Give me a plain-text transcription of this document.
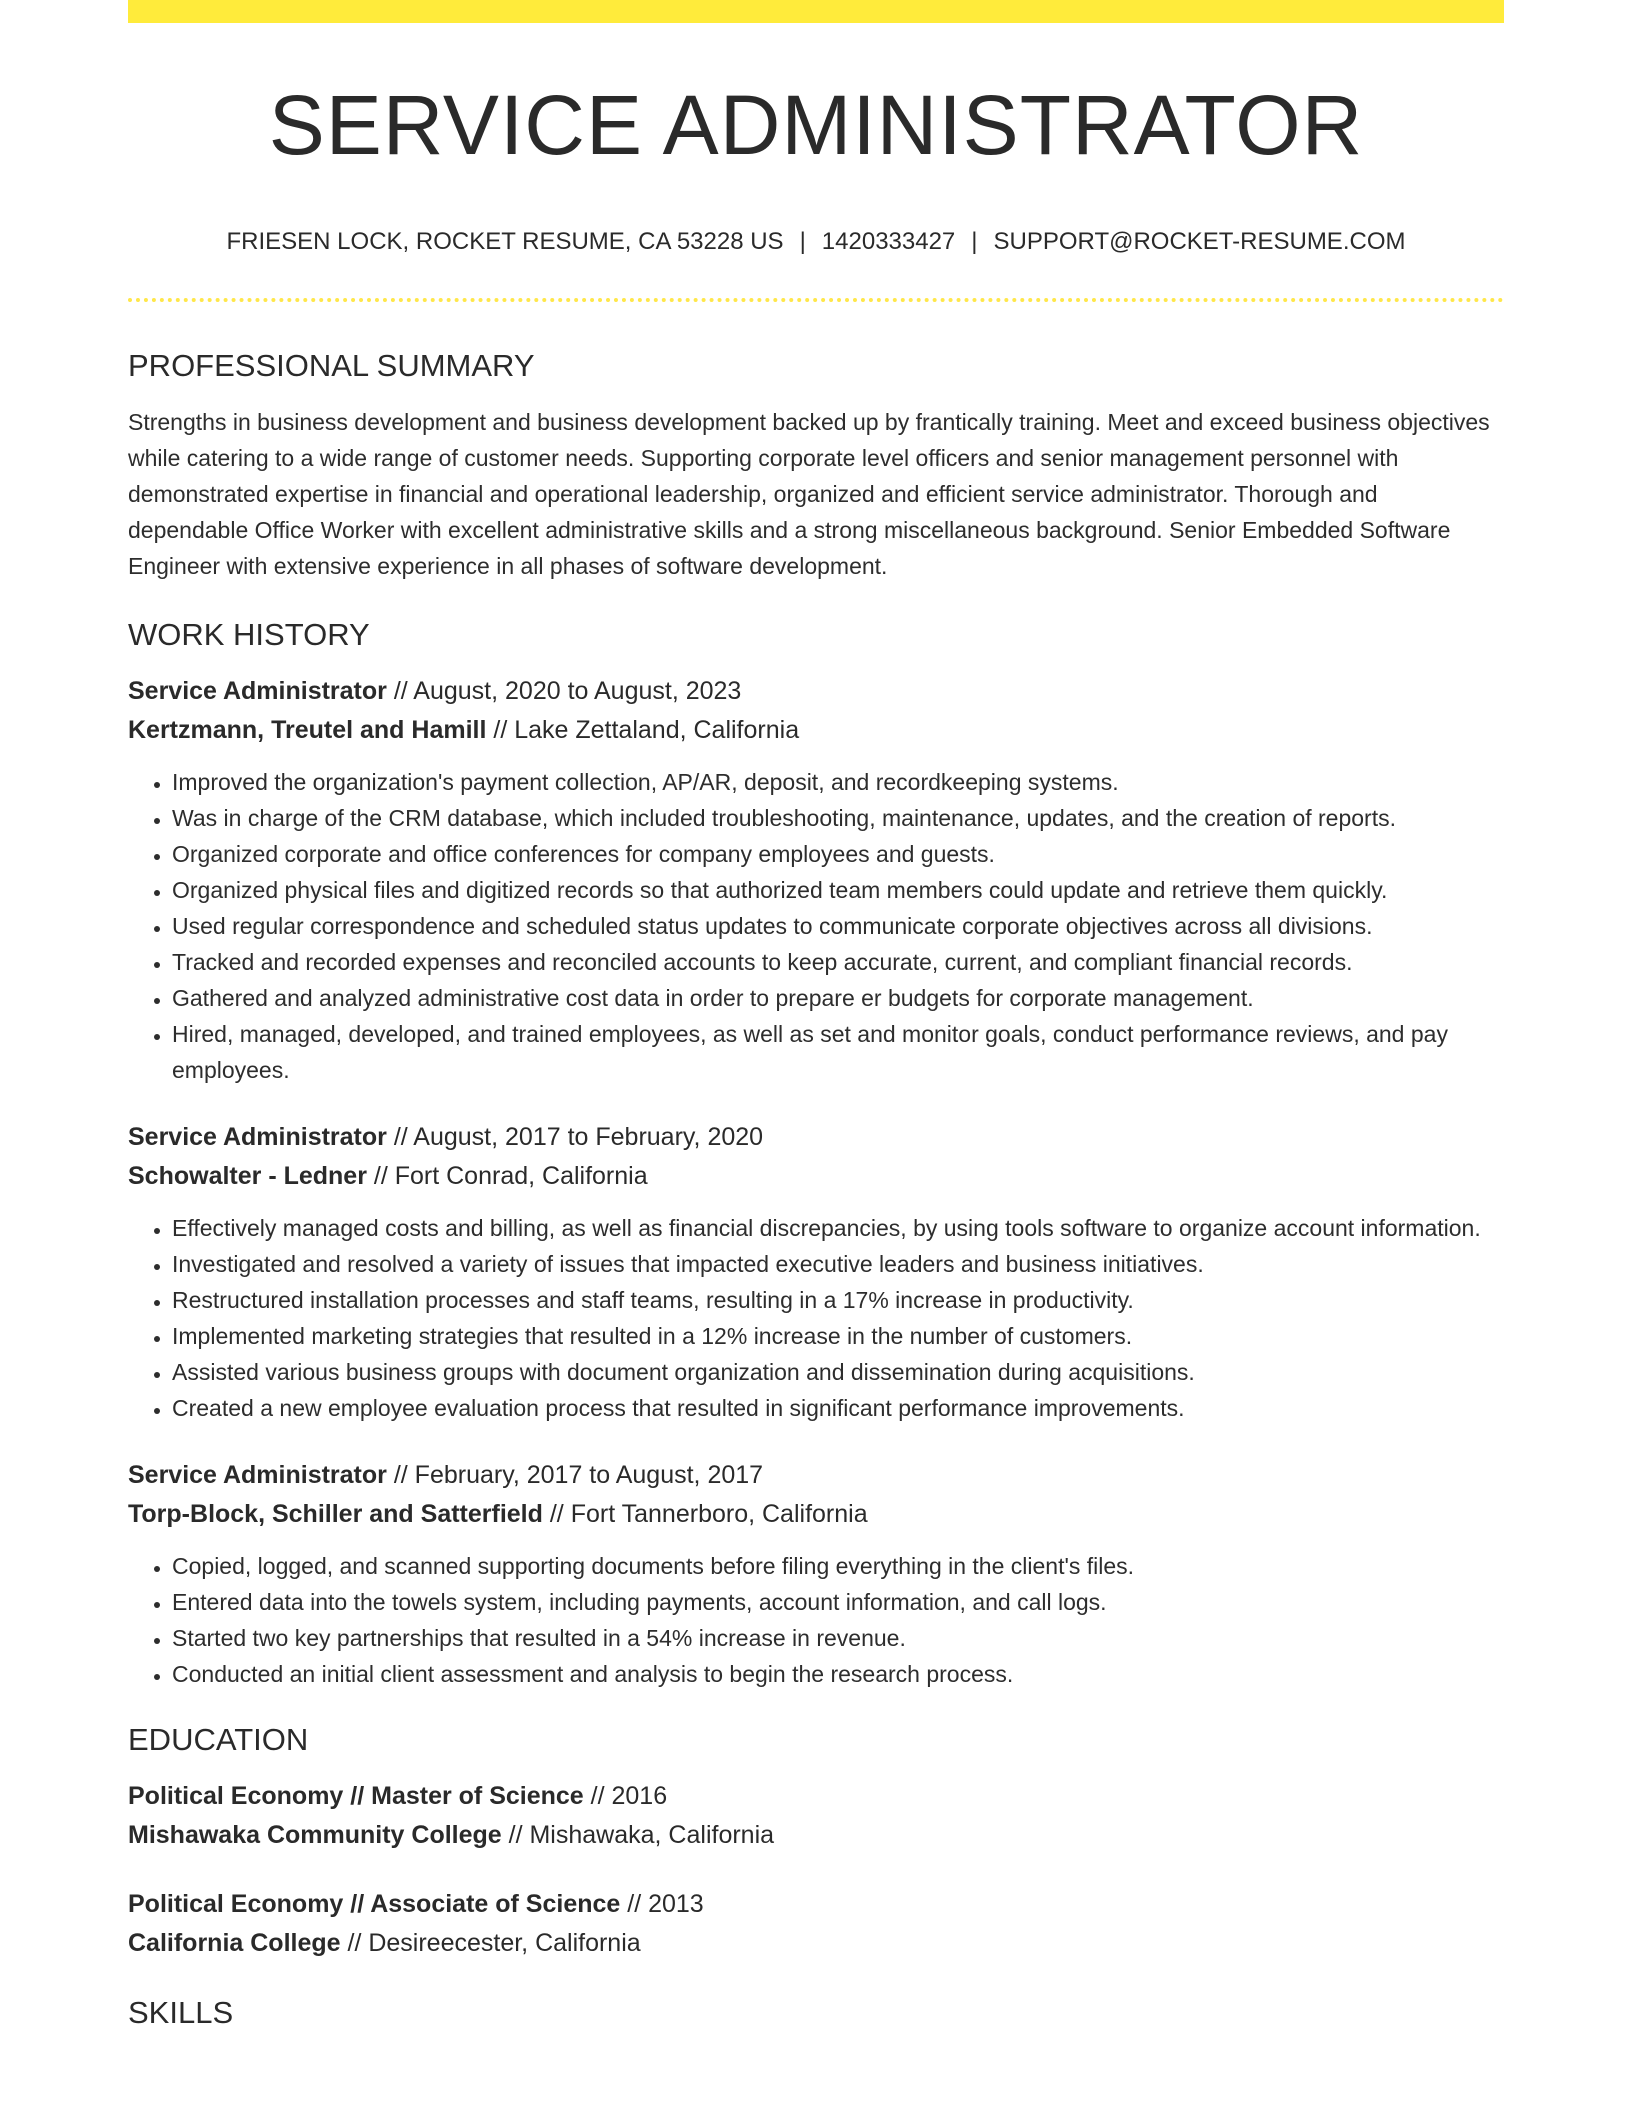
SERVICE ADMINISTRATOR
FRIESEN LOCK, ROCKET RESUME, CA 53228 US | 1420333427 | SUPPORT@ROCKET-RESUME.COM
PROFESSIONAL SUMMARY

Strengths in business development and business development backed up by frantically training. Meet and exceed business objectives while catering to a wide range of customer needs. Supporting corporate level officers and senior management personnel with demonstrated expertise in financial and operational leadership, organized and efficient service administrator. Thorough and dependable Office Worker with excellent administrative skills and a strong miscellaneous background. Senior Embedded Software Engineer with extensive experience in all phases of software development.

WORK HISTORY

Service Administrator // August, 2020 to August, 2023

Kertzmann, Treutel and Hamill // Lake Zettaland, California

• Improved the organization's payment collection, AP/AR, deposit, and recordkeeping systems.
• Was in charge of the CRM database, which included troubleshooting, maintenance, updates, and the creation of reports.
• Organized corporate and office conferences for company employees and guests.
• Organized physical files and digitized records so that authorized team members could update and retrieve them quickly.
• Used regular correspondence and scheduled status updates to communicate corporate objectives across all divisions.
• Tracked and recorded expenses and reconciled accounts to keep accurate, current, and compliant financial records.
• Gathered and analyzed administrative cost data in order to prepare er budgets for corporate management.
• Hired, managed, developed, and trained employees, as well as set and monitor goals, conduct performance reviews, and pay employees.

Service Administrator // August, 2017 to February, 2020

Schowalter - Ledner // Fort Conrad, California

• Effectively managed costs and billing, as well as financial discrepancies, by using tools software to organize account information.
• Investigated and resolved a variety of issues that impacted executive leaders and business initiatives.
• Restructured installation processes and staff teams, resulting in a 17% increase in productivity.
• Implemented marketing strategies that resulted in a 12% increase in the number of customers.
• Assisted various business groups with document organization and dissemination during acquisitions.
• Created a new employee evaluation process that resulted in significant performance improvements.

Service Administrator // February, 2017 to August, 2017

Torp-Block, Schiller and Satterfield // Fort Tannerboro, California

• Copied, logged, and scanned supporting documents before filing everything in the client's files.
• Entered data into the towels system, including payments, account information, and call logs.
• Started two key partnerships that resulted in a 54% increase in revenue.
• Conducted an initial client assessment and analysis to begin the research process.
EDUCATION

Political Economy // Master of Science // 2016

Mishawaka Community College // Mishawaka, California

Political Economy // Associate of Science // 2013

California College // Desireecester, California

SKILLS
